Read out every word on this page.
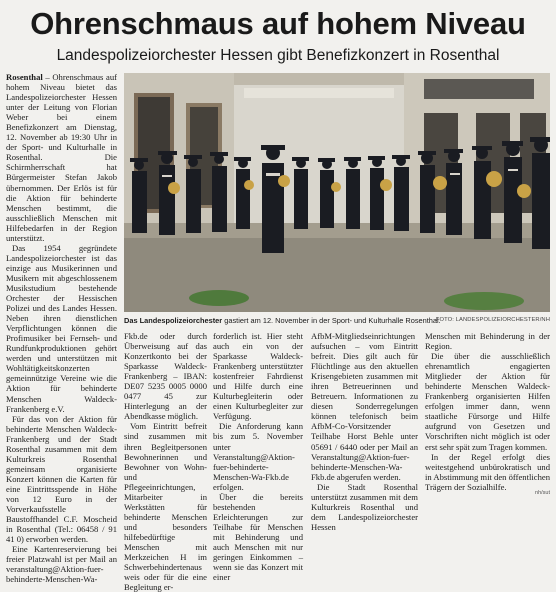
Ohrenschmaus auf hohem Niveau
Landespolizeiorchester Hessen gibt Benefizkonzert in Rosenthal

Rosenthal – Ohrenschmaus auf hohem Niveau bietet das Landespolizeiorchester Hessen unter der Leitung von Florian Weber bei einem Benefizkonzert am Dienstag, 12. November ab 19:30 Uhr in der Sport- und Kulturhalle in Rosenthal. Die Schirmherrschaft hat Bürgermeister Stefan Jakob übernommen. Der Erlös ist für die Aktion für behinderte Menschen bestimmt, die ausschließlich Menschen mit Hilfebedarfen in der Region unterstützt.

Das 1954 gegründete Landespolizeiorchester ist das einzige aus Musikerinnen und Musikern mit abgeschlossenem Musikstudium bestehende Orchester der Hessischen Polizei und des Landes Hessen. Neben ihren dienstlichen Verpflichtungen können die Profimusiker bei Fernseh- und Rundfunkproduktionen gehört werden und unterstützen mit Wohltätigkeitskonzerten gemeinnützige Vereine wie die Aktion für behinderte Menschen Waldeck-Frankenberg e.V.

Für das von der Aktion für behinderte Menschen Waldeck-Frankenberg und der Stadt Rosenthal zusammen mit dem Kulturkreis Rosenthal gemeinsam organisierte Konzert können die Karten für eine Eintrittsspende in Höhe von 12 Euro in der Vorverkaufsstelle Baustoffhandel C.F. Moscheid in Rosenthal (Tel.: 06458 / 91 41 0) erworben werden.

Eine Kartenreservierung bei freier Platzwahl ist per Mail an veranstaltung@Aktion-fuer-behinderte-Menschen-Wa-

Das Landespolizeiorchester gastiert am 12. November in der Sport- und Kulturhalle Rosenthal.
FOTO: LANDESPOLIZEIORCHESTER/NH

Fkb.de oder durch Überweisung auf das Konzertkonto bei der Sparkasse Waldeck-Frankenberg – IBAN: DE07 5235 0005 0000 0477 45 zur Hinterlegung an der Abendkasse möglich.

Vom Eintritt befreit sind zusammen mit ihren Begleitpersonen Bewohnerinnen und Bewohner von Wohn- und Pflegeeinrichtungen, Mitarbeiter in Werkstätten für behinderte Menschen und besonders hilfebedürftige Menschen mit Merkzeichen H im Schwerbehindertenausweis oder für die eine Begleitung er-

forderlich ist. Hier steht auch ein von der Sparkasse Waldeck-Frankenberg unterstützter kostenfreier Fahrdienst und Hilfe durch eine Kulturbegleiterin oder einen Kulturbegleiter zur Verfügung.

Die Anforderung kann bis zum 5. November unter Veranstaltung@Aktion-fuer-behinderte-Menschen-Wa-Fkb.de erfolgen.

Über die bereits bestehenden Erleichterungen zur Teilhabe für Menschen mit Behinderung und auch Menschen mit nur geringen Einkommen – wenn sie das Konzert mit einer

AfbM-Mitgliedseinrichtungen aufsuchen – vom Eintritt befreit. Dies gilt auch für Flüchtlinge aus den aktuellen Krisengebieten zusammen mit ihren Betreuerinnen und Betreuern. Informationen zu diesen Sonderregelungen können telefonisch beim AfbM-Co-Vorsitzender Teilhabe Horst Behle unter 05691 / 6440 oder per Mail an Veranstaltung@Aktion-fuer-behinderte-Menschen-Wa-Fkb.de abgerufen werden.

Die Stadt Rosenthal unterstützt zusammen mit dem Kulturkreis Rosenthal und dem Landespolizeiorchester Hessen

Menschen mit Behinderung in der Region.

Die über die ausschließlich ehrenamtlich engagierten Mitglieder der Aktion für behinderte Menschen Waldeck-Frankenberg organisierten Hilfen erfolgen immer dann, wenn staatliche Fürsorge und Hilfe aufgrund von Gesetzen und Vorschriften nicht möglich ist oder erst sehr spät zum Tragen kommen.

In der Regel erfolgt dies weitestgehend unbürokratisch und in Abstimmung mit den öffentlichen Trägern der Sozialhilfe.

nh/sut
